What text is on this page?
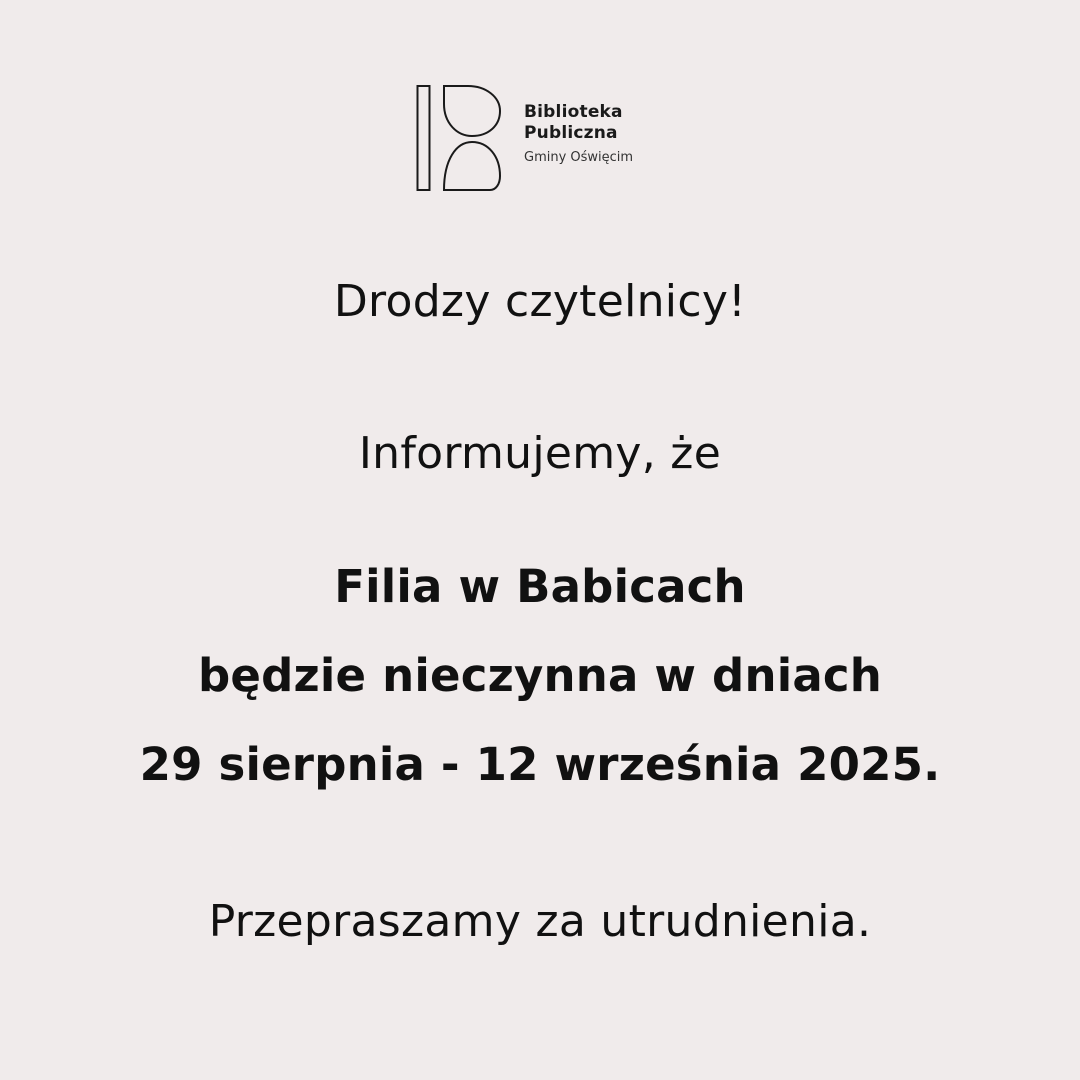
Biblioteka
Publiczna
Gminy Oświęcim

Drodzy czytelnicy!

Informujemy, że

Filia w Babicach

będzie nieczynna w dniach

29 sierpnia - 12 września 2025.

Przepraszamy za utrudnienia.
